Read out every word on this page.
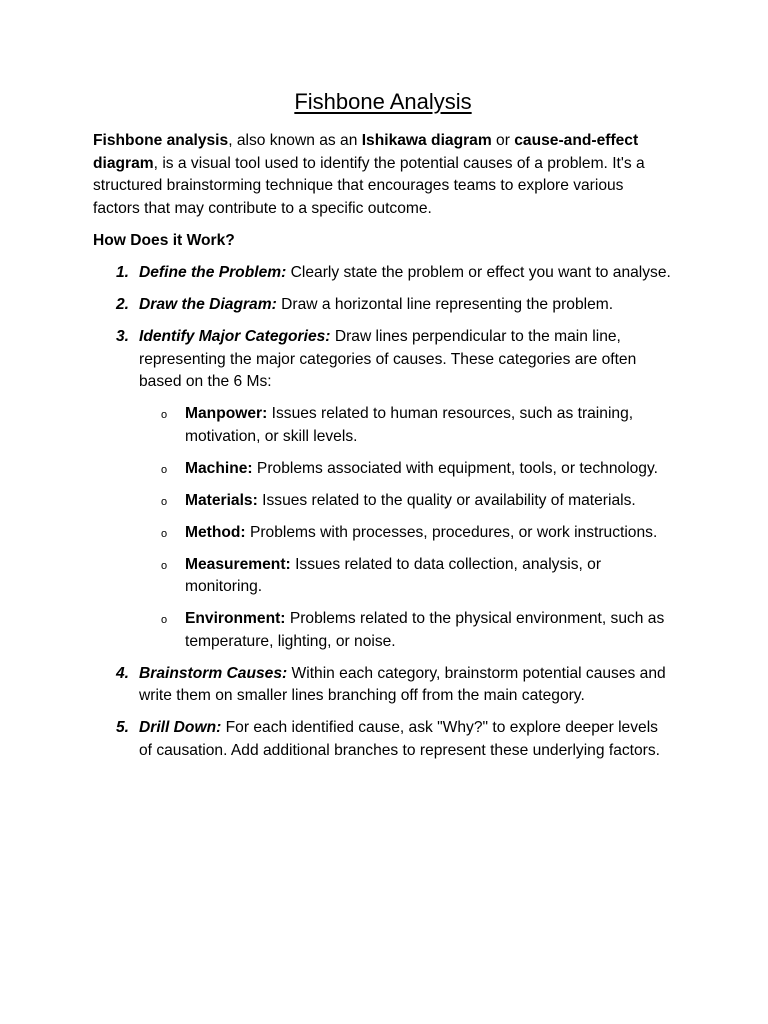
Fishbone Analysis

Fishbone analysis, also known as an Ishikawa diagram or cause-and-effect diagram, is a visual tool used to identify the potential causes of a problem. It's a structured brainstorming technique that encourages teams to explore various factors that may contribute to a specific outcome.

How Does it Work?

1. Define the Problem: Clearly state the problem or effect you want to analyse.
2. Draw the Diagram: Draw a horizontal line representing the problem.
3. Identify Major Categories: Draw lines perpendicular to the main line, representing the major categories of causes. These categories are often based on the 6 Ms:
o Manpower: Issues related to human resources, such as training, motivation, or skill levels.
o Machine: Problems associated with equipment, tools, or technology.
o Materials: Issues related to the quality or availability of materials.
o Method: Problems with processes, procedures, or work instructions.
o Measurement: Issues related to data collection, analysis, or monitoring.
o Environment: Problems related to the physical environment, such as temperature, lighting, or noise.
4. Brainstorm Causes: Within each category, brainstorm potential causes and write them on smaller lines branching off from the main category.
5. Drill Down: For each identified cause, ask "Why?" to explore deeper levels of causation. Add additional branches to represent these underlying factors.
